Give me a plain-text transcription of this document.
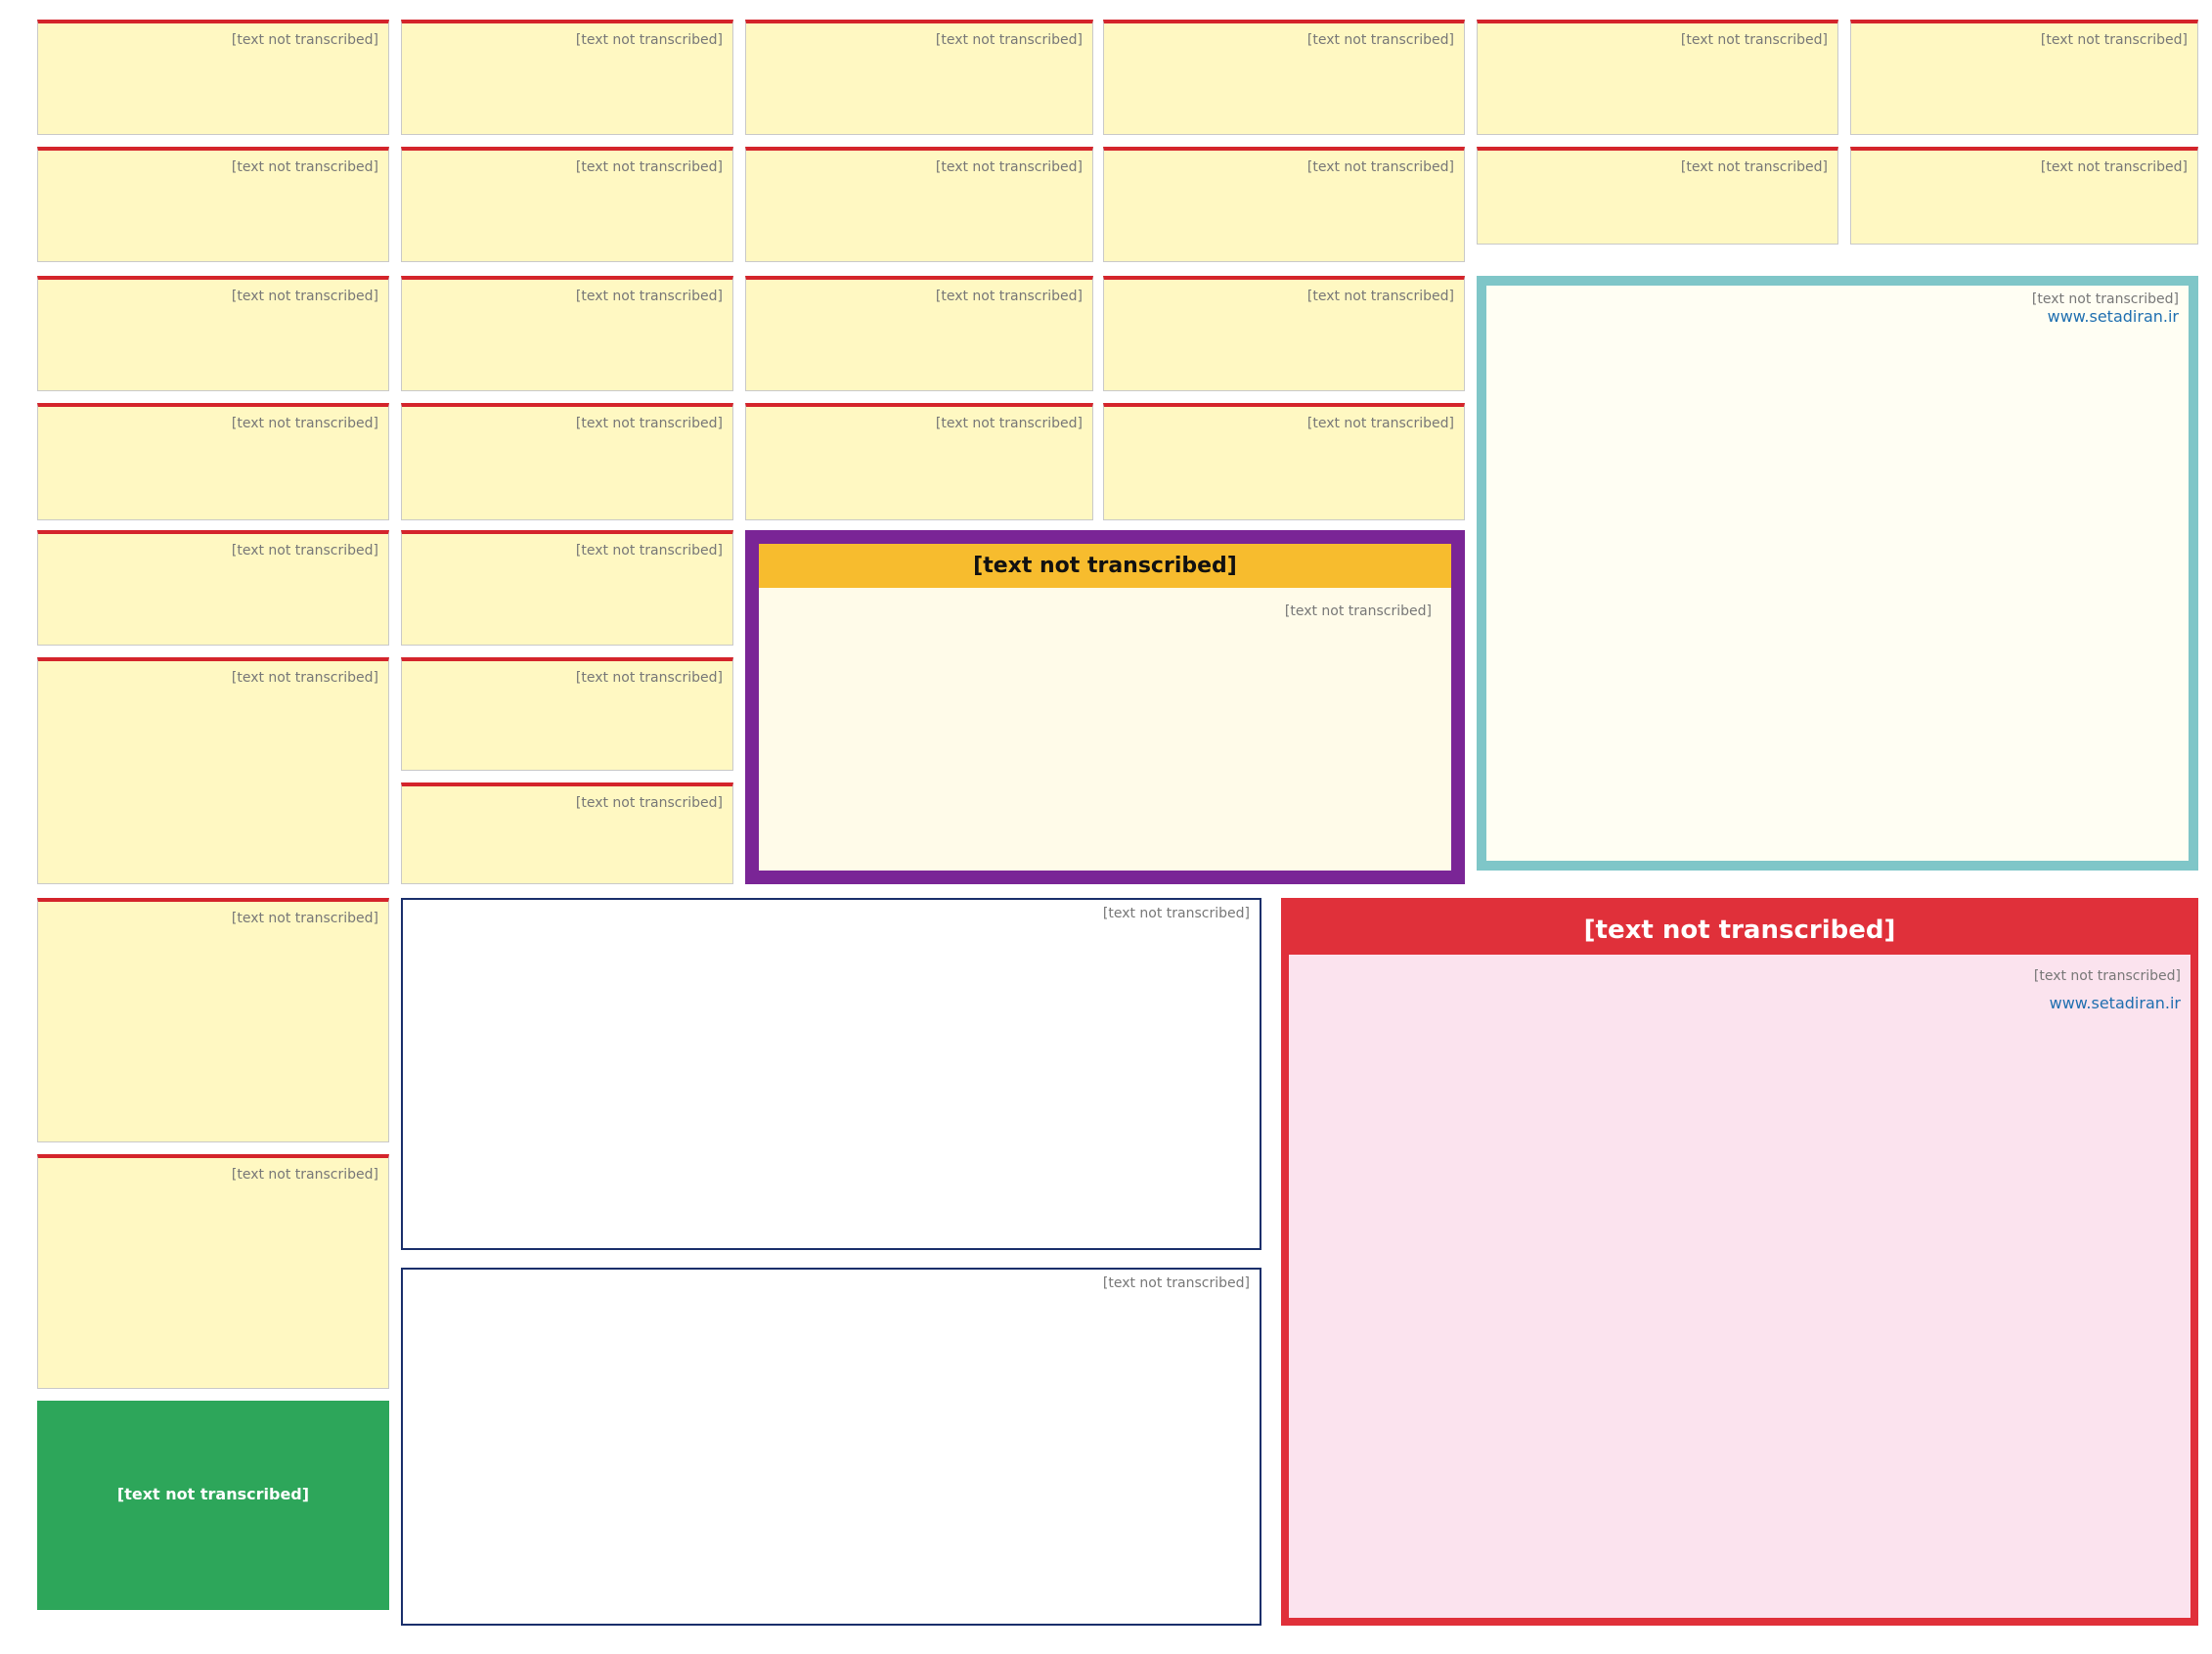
[text not transcribed]

[text not transcribed]

[text not transcribed]

[text not transcribed]

[text not transcribed]

www.setadiran.ir

[text not transcribed]

[text not transcribed]

[text not transcribed]

[text not transcribed]

[text not transcribed]

[text not transcribed]

[text not transcribed]

[text not transcribed]

[text not transcribed]

[text not transcribed]

[text not transcribed]

[text not transcribed]

[text not transcribed]

[text not transcribed]

[text not transcribed]

[text not transcribed]

[text not transcribed]

[text not transcribed]

[text not transcribed]

[text not transcribed]

[text not transcribed]

[text not transcribed]

[text not transcribed]

[text not transcribed]

[text not transcribed]

[text not transcribed]

[text not transcribed]

[text not transcribed]

[text not transcribed]

[text not transcribed]

www.setadiran.ir
